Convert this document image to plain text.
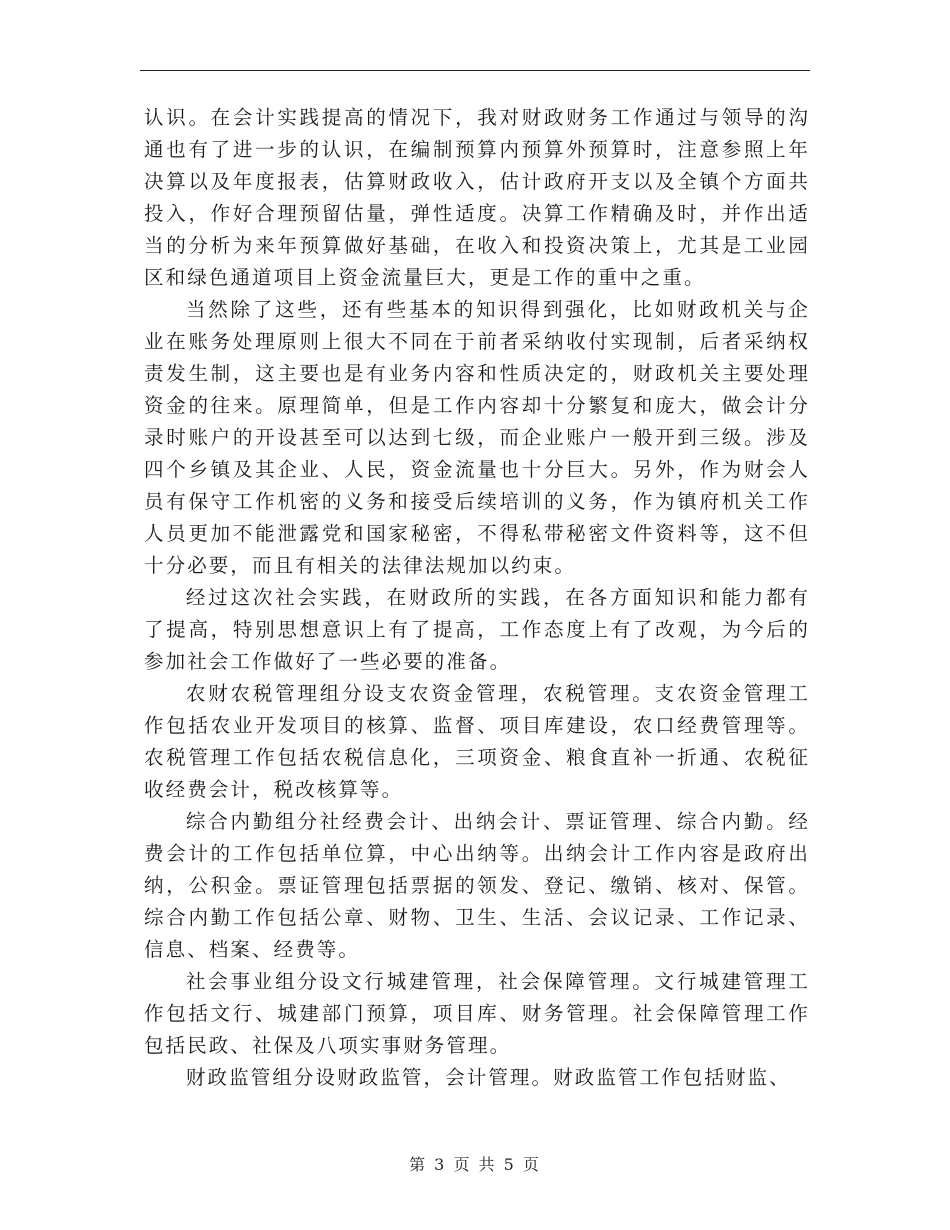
认识。在会计实践提高的情况下，我对财政财务工作通过与领导的沟通也有了进一步的认识，在编制预算内预算外预算时，注意参照上年决算以及年度报表，估算财政收入，估计政府开支以及全镇个方面共投入，作好合理预留估量，弹性适度。决算工作精确及时，并作出适当的分析为来年预算做好基础，在收入和投资决策上，尤其是工业园区和绿色通道项目上资金流量巨大，更是工作的重中之重。

当然除了这些，还有些基本的知识得到强化，比如财政机关与企业在账务处理原则上很大不同在于前者采纳收付实现制，后者采纳权责发生制，这主要也是有业务内容和性质决定的，财政机关主要处理资金的往来。原理简单，但是工作内容却十分繁复和庞大，做会计分录时账户的开设甚至可以达到七级，而企业账户一般开到三级。涉及四个乡镇及其企业、人民，资金流量也十分巨大。另外，作为财会人员有保守工作机密的义务和接受后续培训的义务，作为镇府机关工作人员更加不能泄露党和国家秘密，不得私带秘密文件资料等，这不但十分必要，而且有相关的法律法规加以约束。

经过这次社会实践，在财政所的实践，在各方面知识和能力都有了提高，特别思想意识上有了提高，工作态度上有了改观，为今后的参加社会工作做好了一些必要的准备。

农财农税管理组分设支农资金管理，农税管理。支农资金管理工作包括农业开发项目的核算、监督、项目库建设，农口经费管理等。农税管理工作包括农税信息化，三项资金、粮食直补一折通、农税征收经费会计，税改核算等。

综合内勤组分社经费会计、出纳会计、票证管理、综合内勤。经费会计的工作包括单位算，中心出纳等。出纳会计工作内容是政府出纳，公积金。票证管理包括票据的领发、登记、缴销、核对、保管。综合内勤工作包括公章、财物、卫生、生活、会议记录、工作记录、信息、档案、经费等。

社会事业组分设文行城建管理，社会保障管理。文行城建管理工作包括文行、城建部门预算，项目库、财务管理。社会保障管理工作包括民政、社保及八项实事财务管理。

财政监管组分设财政监管，会计管理。财政监管工作包括财监、

第 3 页 共 5 页
